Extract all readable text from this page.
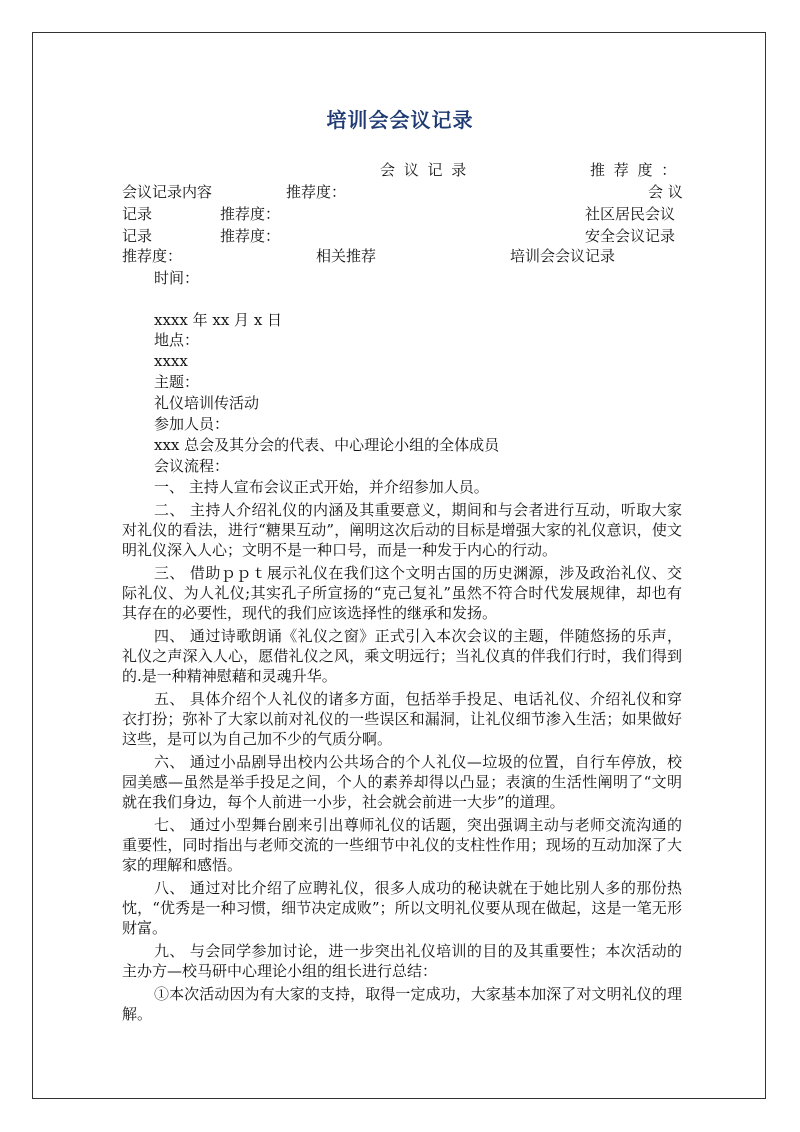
培训会会议记录
会 议 记 录	推 荐 度 ：
会议记录内容	推荐度：	会 议
记录	推荐度：	社区居民会议
记录	推荐度：	安全会议记录
推荐度：	相关推荐	培训会会议记录
时间：
xxxx 年 xx 月 x 日
地点：
xxxx
主题：
礼仪培训传活动
参加人员：
xxx 总会及其分会的代表、中心理论小组的全体成员
会议流程：

一、 主持人宣布会议正式开始，并介绍参加人员。

二、 主持人介绍礼仪的内涵及其重要意义，期间和与会者进行互动，听取大家对礼仪的看法，进行“糖果互动”，阐明这次后动的目标是增强大家的礼仪意识，使文明礼仪深入人心；文明不是一种口号，而是一种发于内心的行动。

三、 借助ｐｐｔ展示礼仪在我们这个文明古国的历史渊源，涉及政治礼仪、交际礼仪、为人礼仪;其实孔子所宣扬的“克己复礼”虽然不符合时代发展规律，却也有其存在的必要性，现代的我们应该选择性的继承和发扬。

四、 通过诗歌朗诵《礼仪之窗》正式引入本次会议的主题，伴随悠扬的乐声，礼仪之声深入人心，愿借礼仪之风，乘文明远行；当礼仪真的伴我们行时，我们得到的.是一种精神慰藉和灵魂升华。

五、 具体介绍个人礼仪的诸多方面，包括举手投足、电话礼仪、介绍礼仪和穿衣打扮；弥补了大家以前对礼仪的一些误区和漏洞，让礼仪细节渗入生活；如果做好这些，是可以为自己加不少的气质分啊。

六、 通过小品剧导出校内公共场合的个人礼仪—垃圾的位置，自行车停放，校园美感—虽然是举手投足之间，个人的素养却得以凸显；表演的生活性阐明了“文明就在我们身边，每个人前进一小步，社会就会前进一大步”的道理。

七、 通过小型舞台剧来引出尊师礼仪的话题，突出强调主动与老师交流沟通的重要性，同时指出与老师交流的一些细节中礼仪的支柱性作用；现场的互动加深了大家的理解和感悟。

八、 通过对比介绍了应聘礼仪，很多人成功的秘诀就在于她比别人多的那份热忱，“优秀是一种习惯，细节决定成败”；所以文明礼仪要从现在做起，这是一笔无形财富。

九、 与会同学参加讨论，进一步突出礼仪培训的目的及其重要性；本次活动的主办方—校马研中心理论小组的组长进行总结：

①本次活动因为有大家的支持，取得一定成功，大家基本加深了对文明礼仪的理解。
